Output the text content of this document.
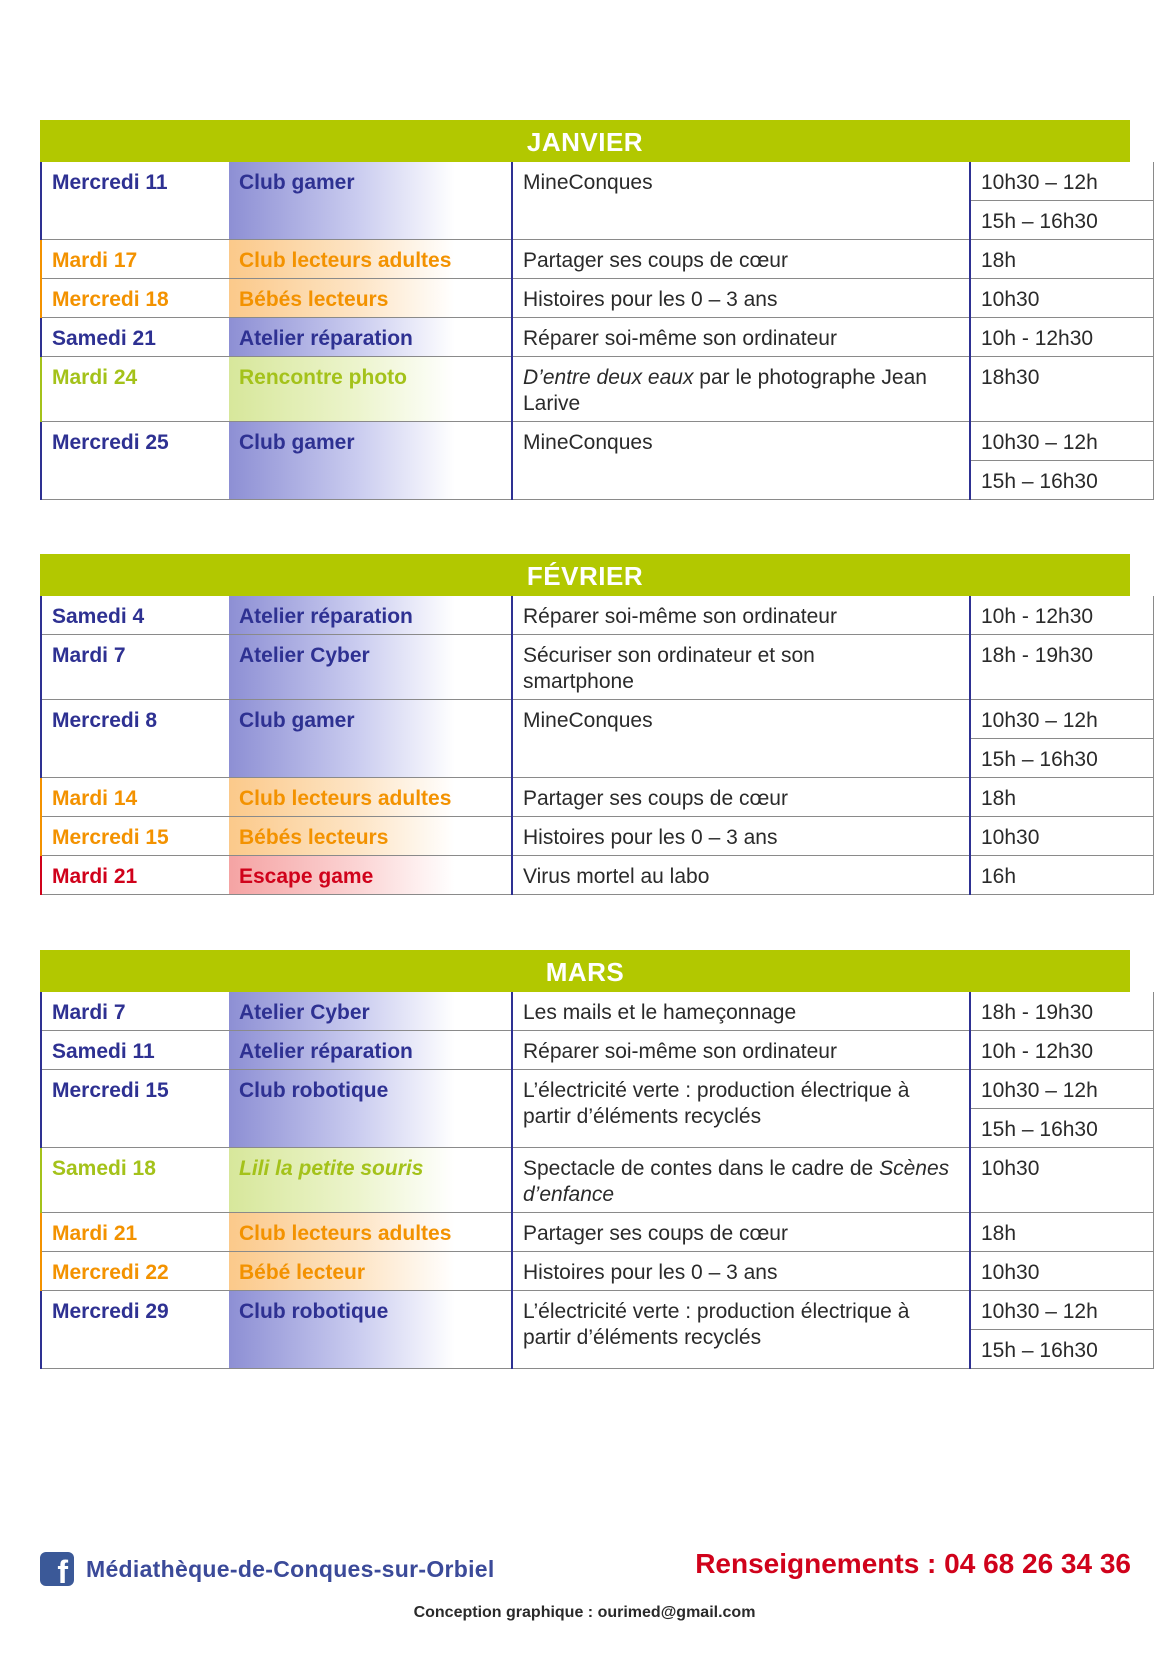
JANVIER
Mercredi 11	Club gamer	MineConques	10h30 – 12h
			15h – 16h30
Mardi 17	Club lecteurs adultes	Partager ses coups de cœur	18h
Mercredi 18	Bébés lecteurs	Histoires pour les 0 – 3 ans	10h30
Samedi 21	Atelier réparation	Réparer soi-même son ordinateur	10h - 12h30
Mardi 24	Rencontre photo	D’entre deux eaux par le photographe Jean Larive	18h30
Mercredi 25	Club gamer	MineConques	10h30 – 12h
			15h – 16h30
FÉVRIER
Samedi 4	Atelier réparation	Réparer soi-même son ordinateur	10h - 12h30
Mardi 7	Atelier Cyber	Sécuriser son ordinateur et son smartphone	18h - 19h30
Mercredi 8	Club gamer	MineConques	10h30 – 12h
			15h – 16h30
Mardi 14	Club lecteurs adultes	Partager ses coups de cœur	18h
Mercredi 15	Bébés lecteurs	Histoires pour les 0 – 3 ans	10h30
Mardi 21	Escape game	Virus mortel au labo	16h
MARS
Mardi 7	Atelier Cyber	Les mails et le hameçonnage	18h - 19h30
Samedi 11	Atelier réparation	Réparer soi-même son ordinateur	10h - 12h30
Mercredi 15	Club robotique	L’électricité verte : production électrique à partir d’éléments recyclés	10h30 – 12h
			15h – 16h30
Samedi 18	Lili la petite souris	Spectacle de contes dans le cadre de Scènes d’enfance	10h30
Mardi 21	Club lecteurs adultes	Partager ses coups de cœur	18h
Mercredi 22	Bébé lecteur	Histoires pour les 0 – 3 ans	10h30
Mercredi 29	Club robotique	L’électricité verte : production électrique à partir d’éléments recyclés	10h30 – 12h
			15h – 16h30
f Médiathèque-de-Conques-sur-Orbiel	Renseignements : 04 68 26 34 36
Conception graphique : ourimed@gmail.com
